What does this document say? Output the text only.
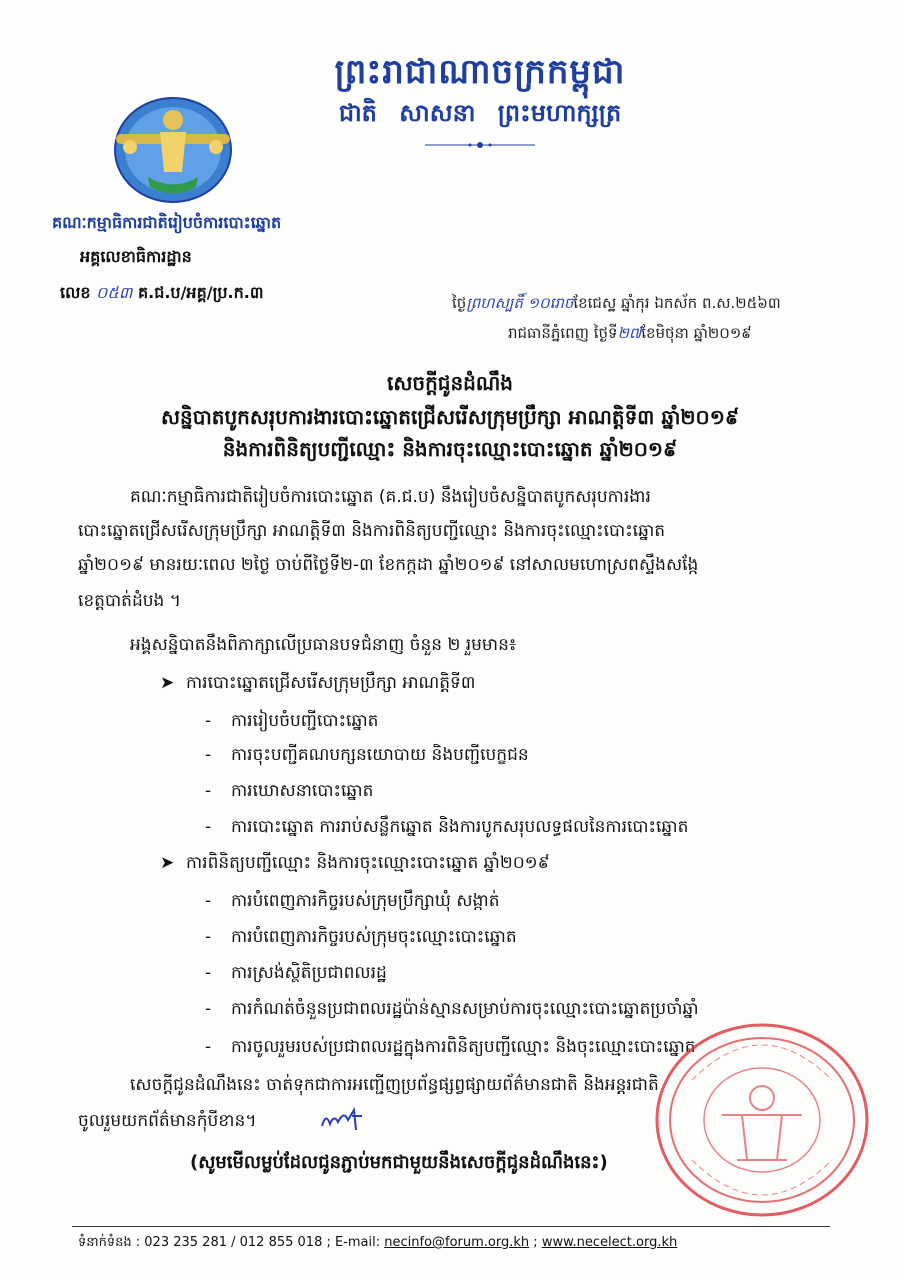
ព្រះរាជាណាចក្រកម្ពុជា
ជាតិ សាសនា ព្រះមហាក្សត្រ
គណៈកម្មាធិការជាតិរៀបចំការបោះឆ្នោត
អគ្គលេខាធិការដ្ឋាន
លេខ ០៥៣ គ.ជ.ប/អគ្គ/ប្រ.ក.៣
ថ្ងៃព្រហស្បតិ៍ ១០រោចខែជេស្ឋ ឆ្នាំកុរ ឯកស័ក ព.ស.២៥៦៣
រាជធានីភ្នំពេញ ថ្ងៃទី២៧ខែមិថុនា ឆ្នាំ២០១៩
សេចក្តីជូនដំណឹង
សន្និបាតបូកសរុបការងារបោះឆ្នោតជ្រើសរើសក្រុមប្រឹក្សា អាណត្តិទី៣ ឆ្នាំ២០១៩
និងការពិនិត្យបញ្ជីឈ្មោះ និងការចុះឈ្មោះបោះឆ្នោត ឆ្នាំ២០១៩
គណៈកម្មាធិការជាតិរៀបចំការបោះឆ្នោត (គ.ជ.ប) នឹងរៀបចំសន្និបាតបូកសរុបការងារ
បោះឆ្នោតជ្រើសរើសក្រុមប្រឹក្សា អាណត្តិទី៣ និងការពិនិត្យបញ្ជីឈ្មោះ និងការចុះឈ្មោះបោះឆ្នោត
ឆ្នាំ២០១៩ មានរយៈពេល ២ថ្ងៃ ចាប់ពីថ្ងៃទី២-៣ ខែកក្កដា ឆ្នាំ២០១៩ នៅសាលមហោស្រពស្ទឹងសង្កែ
ខេត្តបាត់ដំបង ។
អង្គសន្និបាតនឹងពិភាក្សាលើប្រធានបទជំនាញ ចំនួន ២ រួមមាន៖
➤ ការបោះឆ្នោតជ្រើសរើសក្រុមប្រឹក្សា អាណត្តិទី៣
- ការរៀបចំបញ្ជីបោះឆ្នោត
- ការចុះបញ្ជីគណបក្សនយោបាយ និងបញ្ជីបេក្ខជន
- ការឃោសនាបោះឆ្នោត
- ការបោះឆ្នោត ការរាប់សន្លឹកឆ្នោត និងការបូកសរុបលទ្ធផលនៃការបោះឆ្នោត
➤ ការពិនិត្យបញ្ជីឈ្មោះ និងការចុះឈ្មោះបោះឆ្នោត ឆ្នាំ២០១៩
- ការបំពេញភារកិច្ចរបស់ក្រុមប្រឹក្សាឃុំ សង្កាត់
- ការបំពេញភារកិច្ចរបស់ក្រុមចុះឈ្មោះបោះឆ្នោត
- ការស្រង់ស្ថិតិប្រជាពលរដ្ឋ
- ការកំណត់ចំនួនប្រជាពលរដ្ឋប៉ាន់ស្មានសម្រាប់ការចុះឈ្មោះបោះឆ្នោតប្រចាំឆ្នាំ
- ការចូលរួមរបស់ប្រជាពលរដ្ឋក្នុងការពិនិត្យបញ្ជីឈ្មោះ និងចុះឈ្មោះបោះឆ្នោត
សេចក្តីជូនដំណឹងនេះ ចាត់ទុកជាការអញ្ជើញប្រព័ន្ធផ្សព្វផ្សាយព័ត៌មានជាតិ និងអន្តរជាតិ
ចូលរួមយកព័ត៌មានកុំបីខាន។
(សូមមើលម្លប់ដែលជូនភ្ជាប់មកជាមួយនឹងសេចក្តីជូនដំណឹងនេះ)
ទំនាក់ទំនង : 023 235 281 / 012 855 018 ; E-mail: necinfo@forum.org.kh ; www.necelect.org.kh
